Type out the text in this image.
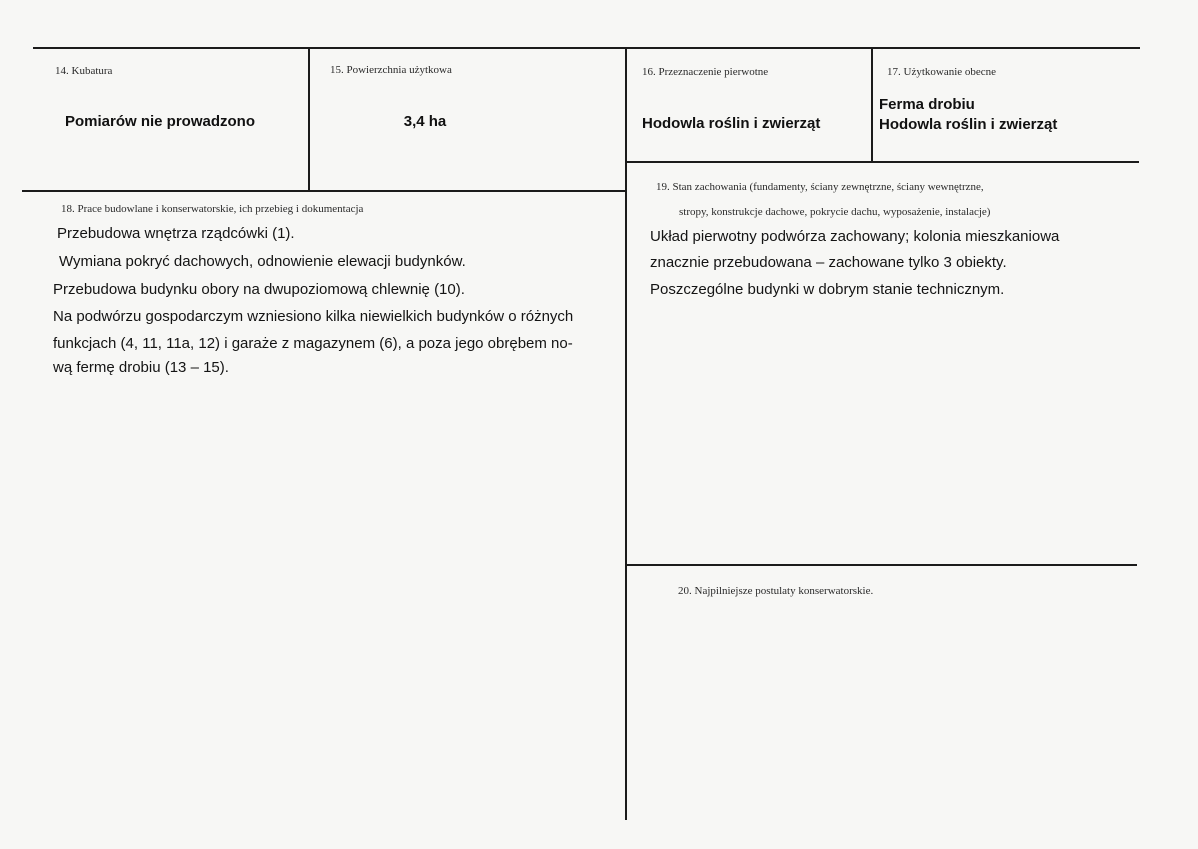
14. Kubatura
Pomiarów nie prowadzono
15. Powierzchnia użytkowa
3,4 ha
16. Przeznaczenie pierwotne
Hodowla roślin i zwierząt
17. Użytkowanie obecne
Ferma drobiu
Hodowla roślin i zwierząt
18. Prace budowlane i konserwatorskie, ich przebieg i dokumentacja
Przebudowa wnętrza rządcówki (1).
Wymiana pokryć dachowych, odnowienie elewacji budynków.
Przebudowa budynku obory na dwupoziomową chlewnię (10).
Na podwórzu gospodarczym wzniesiono kilka niewielkich budynków o różnych
funkcjach (4, 11, 11a, 12) i garaże z magazynem (6), a poza jego obrębem no-
wą fermę drobiu (13 – 15).
19. Stan zachowania (fundamenty, ściany zewnętrzne, ściany wewnętrzne,
stropy, konstrukcje dachowe, pokrycie dachu, wyposażenie, instalacje)
Układ pierwotny podwórza zachowany; kolonia mieszkaniowa
znacznie przebudowana – zachowane tylko 3 obiekty.
Poszczególne budynki w dobrym stanie technicznym.
20. Najpilniejsze postulaty konserwatorskie.
